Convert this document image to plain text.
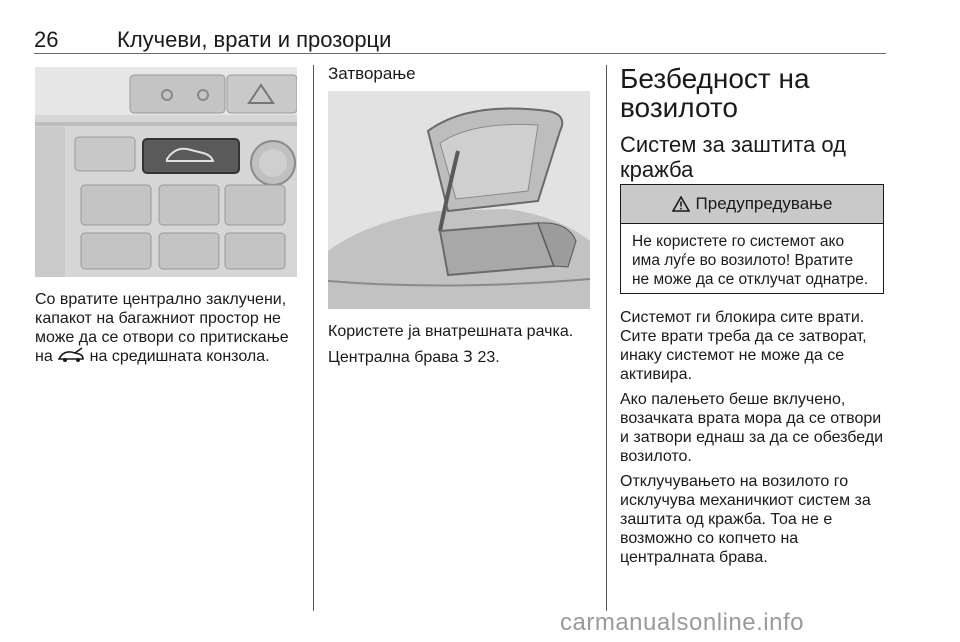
26	Клучеви, врати и прозорци
Со вратите централно заклучени, капакот на багажниот простор не може да се отвори со притискање на  на средишната конзола.
Затворање

Користете ја внатрешната рачка.

Централна брава 3 23.

Безбедност на возилото
Систем за заштита од кражба
Предупредување
Не користете го системот ако има луѓе во возилото! Вратите не може да се отклучат однатре.

Системот ги блокира сите врати. Сите врати треба да се затворат, инаку системот не може да се активира.

Ако палењето беше вклучено, возачката врата мора да се отвори и затвори еднаш за да се обезбеди возилото.

Отклучувањето на возилото го исклучува механичкиот систем за заштита од кражба. Тоа не е возможно со копчето на централната брава.

carmanualsonline.info
